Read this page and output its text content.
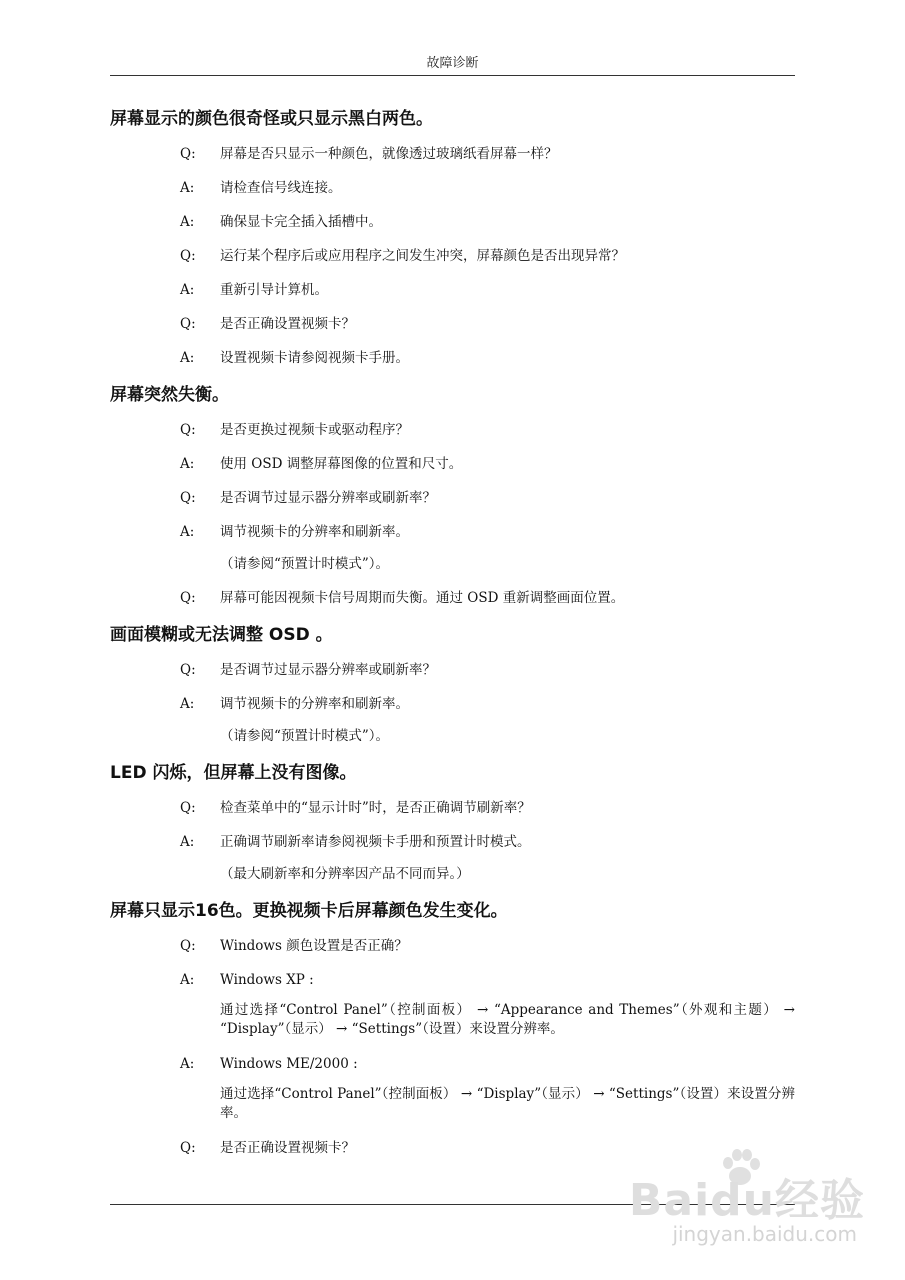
故障诊断
屏幕显示的颜色很奇怪或只显示黑白两色。
Q:	屏幕是否只显示一种颜色，就像透过玻璃纸看屏幕一样？
A:	请检查信号线连接。
A:	确保显卡完全插入插槽中。
Q:	运行某个程序后或应用程序之间发生冲突，屏幕颜色是否出现异常？
A:	重新引导计算机。
Q:	是否正确设置视频卡？
A:	设置视频卡请参阅视频卡手册。
屏幕突然失衡。
Q:	是否更换过视频卡或驱动程序？
A:	使用 OSD 调整屏幕图像的位置和尺寸。
Q:	是否调节过显示器分辨率或刷新率？
A:	调节视频卡的分辨率和刷新率。
（请参阅“预置计时模式”）。
Q:	屏幕可能因视频卡信号周期而失衡。通过 OSD 重新调整画面位置。
画面模糊或无法调整 OSD 。
Q:	是否调节过显示器分辨率或刷新率？
A:	调节视频卡的分辨率和刷新率。
（请参阅“预置计时模式”）。
LED 闪烁，但屏幕上没有图像。
Q:	检查菜单中的“显示计时”时，是否正确调节刷新率？
A:	正确调节刷新率请参阅视频卡手册和预置计时模式。
（最大刷新率和分辨率因产品不同而异。）
屏幕只显示16色。更换视频卡后屏幕颜色发生变化。
Q:	Windows 颜色设置是否正确？
A:	Windows XP :
通过选择“Control Panel”（控制面板） → “Appearance and Themes”（外观和主题） → “Display”（显示） → “Settings”（设置）来设置分辨率。
A:	Windows ME/2000 :
通过选择“Control Panel”（控制面板） → “Display”（显示） → “Settings”（设置）来设置分辨率。
Q:	是否正确设置视频卡？
Baidu经验
jingyan.baidu.com
